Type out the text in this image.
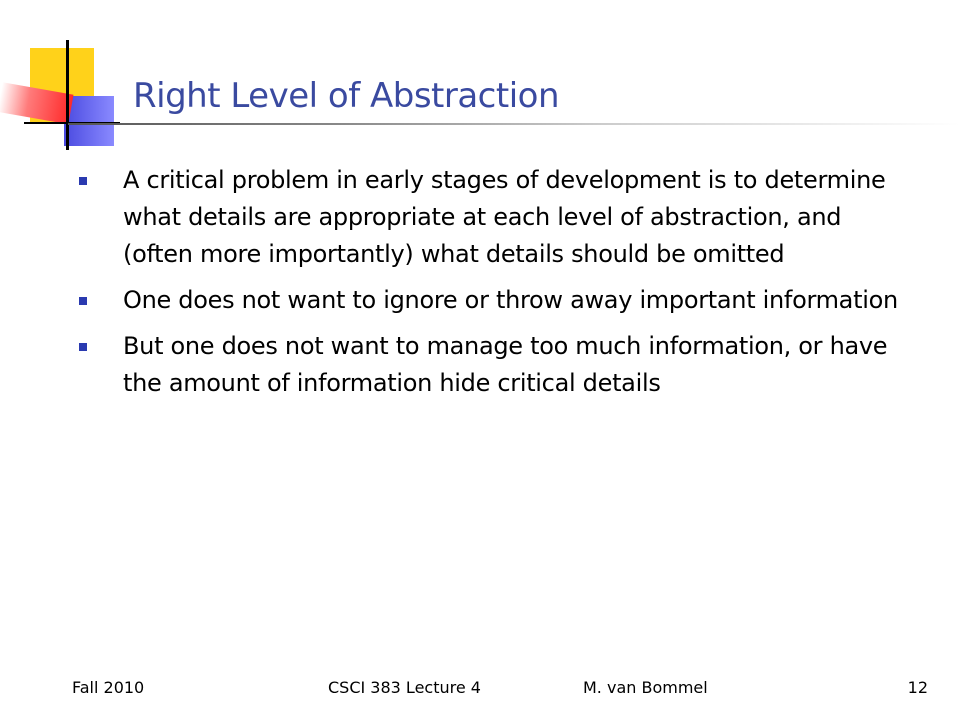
Right Level of Abstraction
A critical problem in early stages of development is to determine what details are appropriate at each level of abstraction, and (often more importantly) what details should be omitted
One does not want to ignore or throw away important information
But one does not want to manage too much information, or have the amount of information hide critical details
Fall 2010	CSCI 383 Lecture 4	M. van Bommel	12
